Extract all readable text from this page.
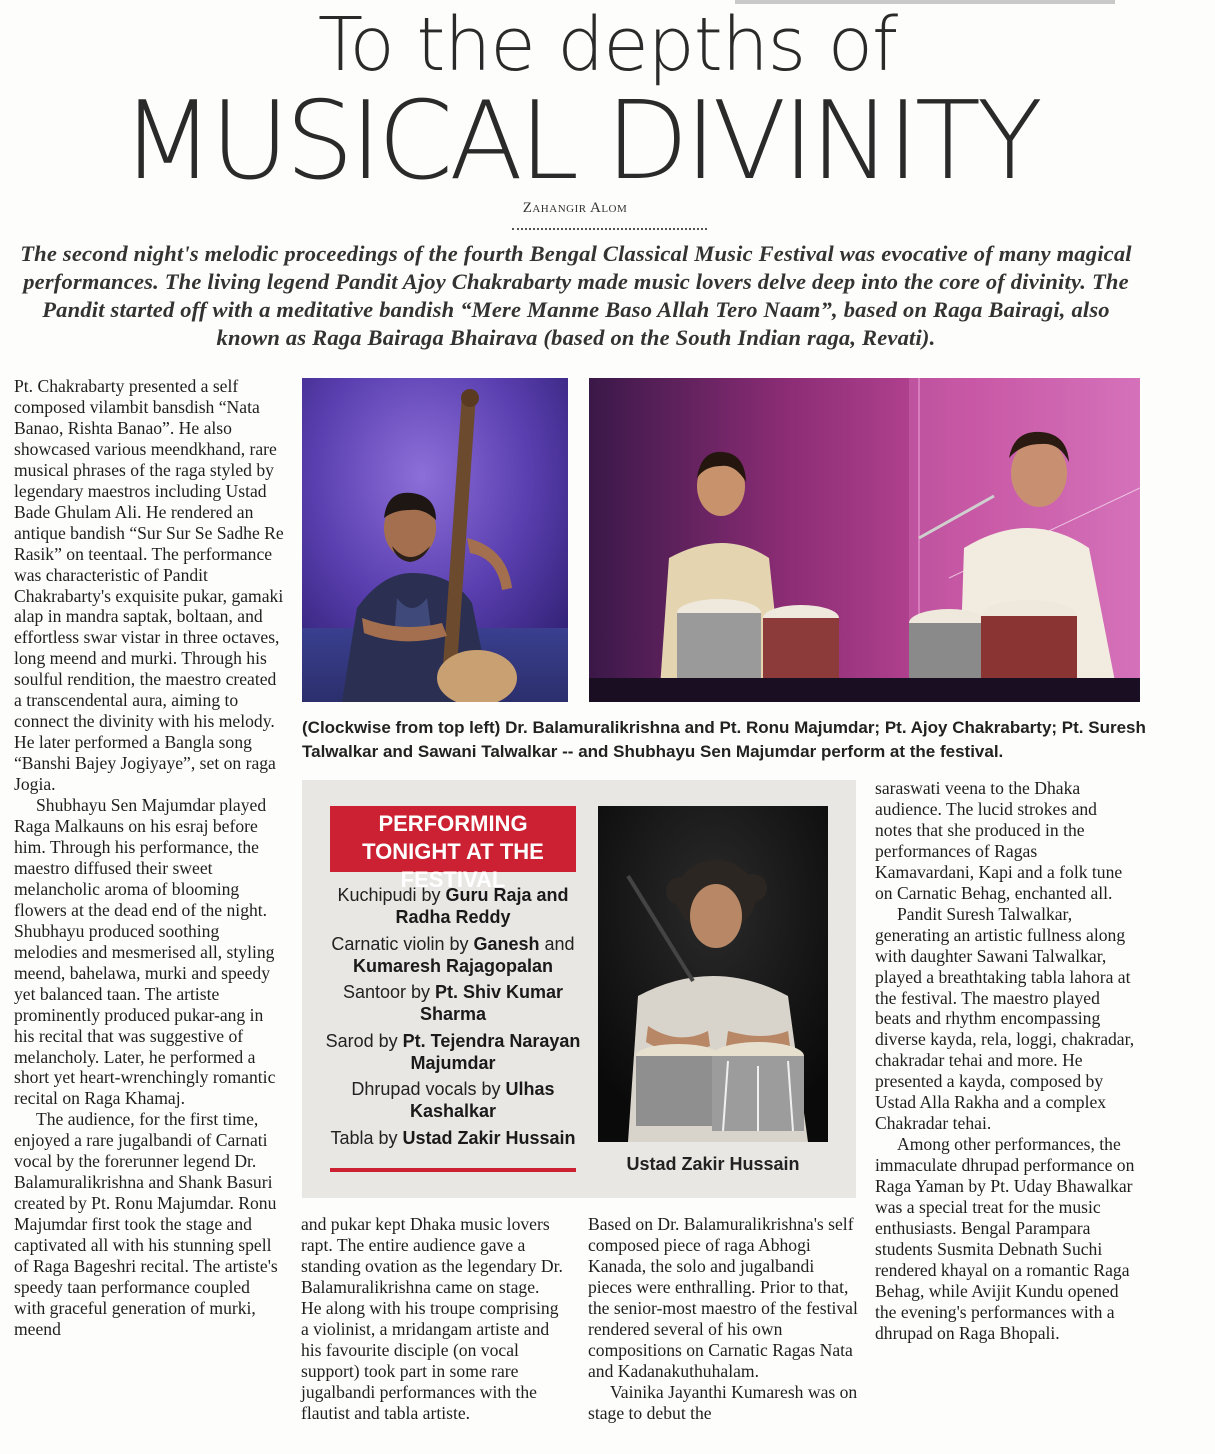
To the depths of
MUSICAL DIVINITY
Zahangir Alom
The second night's melodic proceedings of the fourth Bengal Classical Music Festival was evocative of many magical performances. The living legend Pandit Ajoy Chakrabarty made music lovers delve deep into the core of divinity. The Pandit started off with a meditative bandish “Mere Manme Baso Allah Tero Naam”, based on Raga Bairagi, also known as Raga Bairaga Bhairava (based on the South Indian raga, Revati).

Pt. Chakrabarty presented a self composed vilambit bansdish “Nata Banao, Rishta Banao”. He also showcased various meendkhand, rare musical phrases of the raga styled by legendary maestros including Ustad Bade Ghulam Ali. He rendered an antique bandish “Sur Sur Se Sadhe Re Rasik” on teentaal. The performance was characteristic of Pandit Chakrabarty's exquisite pukar, gamaki alap in mandra saptak, boltaan, and effortless swar vistar in three octaves, long meend and murki. Through his soulful rendition, the maestro created a transcendental aura, aiming to connect the divinity with his melody. He later performed a Bangla song “Banshi Bajey Jogiyaye”, set on raga Jogia.

Shubhayu Sen Majumdar played Raga Malkauns on his esraj before him. Through his performance, the maestro diffused their sweet melancholic aroma of blooming flowers at the dead end of the night. Shubhayu produced soothing melodies and mesmerised all, styling meend, bahelawa, murki and speedy yet balanced taan. The artiste prominently produced pukar-ang in his recital that was suggestive of melancholy. Later, he performed a short yet heart-wrenchingly romantic recital on Raga Khamaj.

The audience, for the first time, enjoyed a rare jugalbandi of Carnati vocal by the forerunner legend Dr. Balamuralikrishna and Shank Basuri created by Pt. Ronu Majumdar. Ronu Majumdar first took the stage and captivated all with his stunning spell of Raga Bageshri recital. The artiste's speedy taan performance coupled with graceful generation of murki, meend

(Clockwise from top left) Dr. Balamuralikrishna and Pt. Ronu Majumdar; Pt. Ajoy Chakrabarty; Pt. Suresh Talwalkar and Sawani Talwalkar -- and Shubhayu Sen Majumdar perform at the festival.
PERFORMING TONIGHT AT THE FESTIVAL
Kuchipudi by Guru Raja and Radha Reddy
Carnatic violin by Ganesh and Kumaresh Rajagopalan
Santoor by Pt. Shiv Kumar Sharma
Sarod by Pt. Tejendra Narayan Majumdar
Dhrupad vocals by Ulhas Kashalkar
Tabla by Ustad Zakir Hussain
Ustad Zakir Hussain

and pukar kept Dhaka music lovers rapt. The entire audience gave a standing ovation as the legendary Dr. Balamuralikrishna came on stage. He along with his troupe comprising a violinist, a mridangam artiste and his favourite disciple (on vocal support) took part in some rare jugalbandi performances with the flautist and tabla artiste.

Based on Dr. Balamuralikrishna's self composed piece of raga Abhogi Kanada, the solo and jugalbandi pieces were enthralling. Prior to that, the senior-most maestro of the festival rendered several of his own compositions on Carnatic Ragas Nata and Kadanakuthuhalam.

Vainika Jayanthi Kumaresh was on stage to debut the

saraswati veena to the Dhaka audience. The lucid strokes and notes that she produced in the performances of Ragas Kamavardani, Kapi and a folk tune on Carnatic Behag, enchanted all.

Pandit Suresh Talwalkar, generating an artistic fullness along with daughter Sawani Talwalkar, played a breathtaking tabla lahora at the festival. The maestro played beats and rhythm encompassing diverse kayda, rela, loggi, chakradar, chakradar tehai and more. He presented a kayda, composed by Ustad Alla Rakha and a complex Chakradar tehai.

Among other performances, the immaculate dhrupad performance on Raga Yaman by Pt. Uday Bhawalkar was a special treat for the music enthusiasts. Bengal Parampara students Susmita Debnath Suchi rendered khayal on a romantic Raga Behag, while Avijit Kundu opened the evening's performances with a dhrupad on Raga Bhopali.
